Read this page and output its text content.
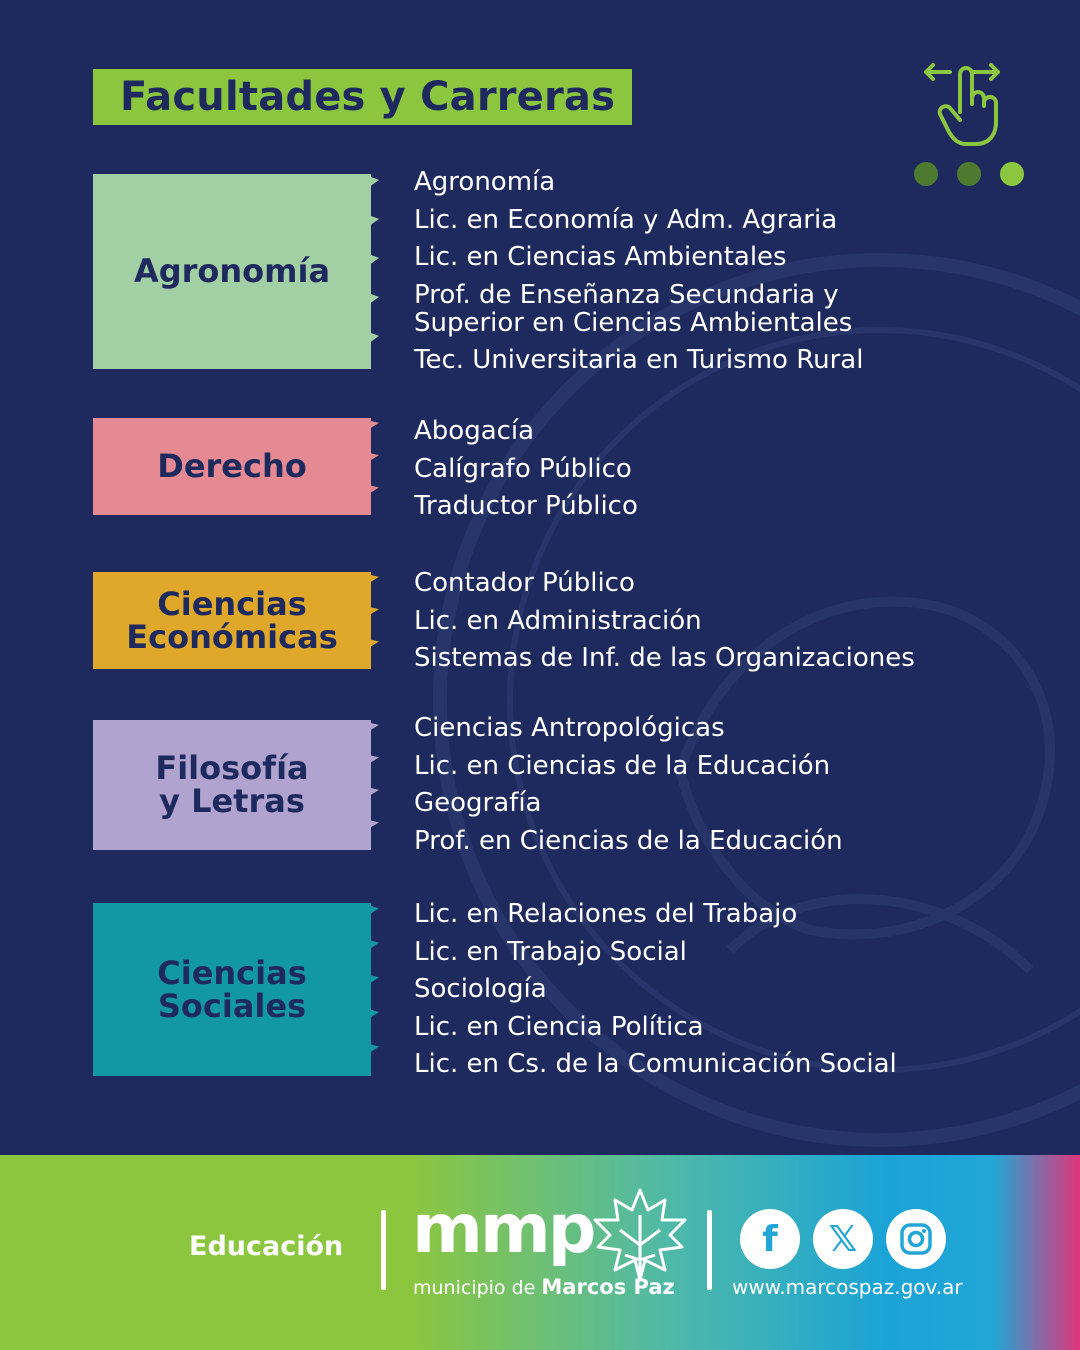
Facultades y Carreras
Agronomía
Agronomía
Lic. en Economía y Adm. Agraria
Lic. en Ciencias Ambientales
Prof. de Enseñanza Secundaria y
Superior en Ciencias Ambientales
Tec. Universitaria en Turismo Rural
Derecho
Abogacía
Calígrafo Público
Traductor Público
Ciencias
Económicas
Contador Público
Lic. en Administración
Sistemas de Inf. de las Organizaciones
Filosofía
y Letras
Ciencias Antropológicas
Lic. en Ciencias de la Educación
Geografía
Prof. en Ciencias de la Educación
Ciencias
Sociales
Lic. en Relaciones del Trabajo
Lic. en Trabajo Social
Sociología
Lic. en Ciencia Política
Lic. en Cs. de la Comunicación Social
Educación mmp
municipio de Marcos Paz
f 𝕏
www.marcospaz.gov.ar
